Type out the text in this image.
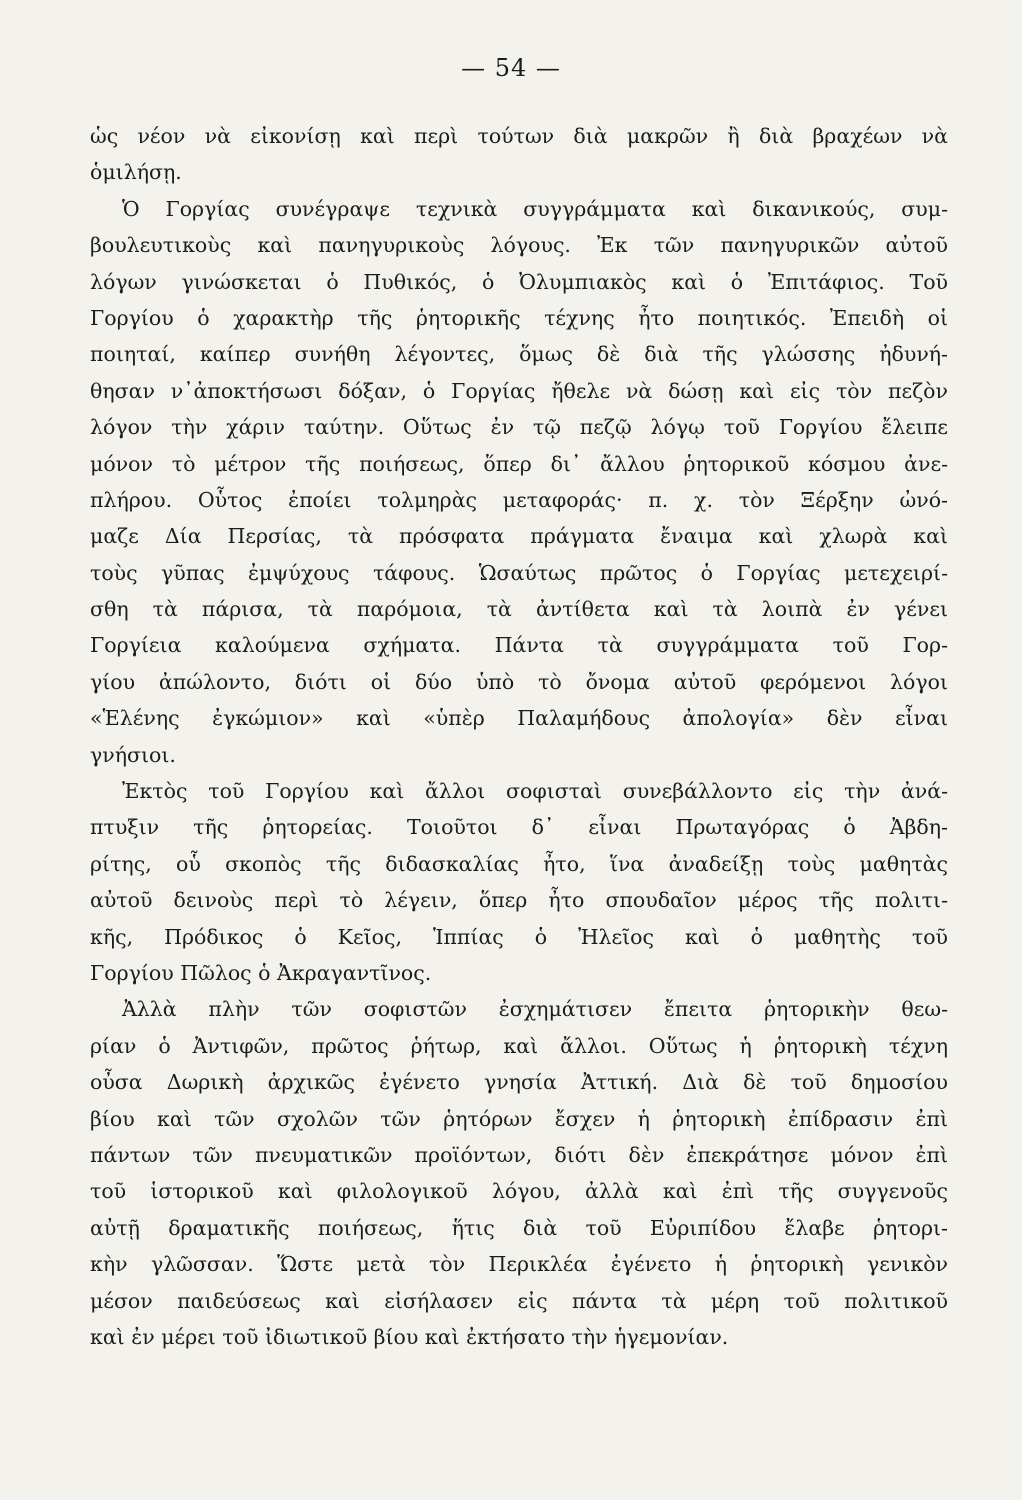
— 54 —
ὡς νέον νὰ εἰκονίσῃ καὶ περὶ τούτων διὰ μακρῶν ἢ διὰ βραχέων νὰ
ὁμιλήσῃ.
Ὁ Γοργίας συνέγραψε τεχνικὰ συγγράμματα καὶ δικανικούς, συμ-
βουλευτικοὺς καὶ πανηγυρικοὺς λόγους. Ἐκ τῶν πανηγυρικῶν αὐτοῦ
λόγων γινώσκεται ὁ Πυθικός, ὁ Ὀλυμπιακὸς καὶ ὁ Ἐπιτάφιος. Τοῦ
Γοργίου ὁ χαρακτὴρ τῆς ῥητορικῆς τέχνης ἦτο ποιητικός. Ἐπειδὴ οἱ
ποιηταί, καίπερ συνήθη λέγοντες, ὅμως δὲ διὰ τῆς γλώσσης ἠδυνή-
θησαν ν᾿ἀποκτήσωσι δόξαν, ὁ Γοργίας ἤθελε νὰ δώσῃ καὶ εἰς τὸν πεζὸν
λόγον τὴν χάριν ταύτην. Οὕτως ἐν τῷ πεζῷ λόγῳ τοῦ Γοργίου ἔλειπε
μόνον τὸ μέτρον τῆς ποιήσεως, ὅπερ δι᾿ ἄλλου ῥητορικοῦ κόσμου ἀνε-
πλήρου. Οὗτος ἐποίει τολμηρὰς μεταφοράς· π. χ. τὸν Ξέρξην ὠνό-
μαζε Δία Περσίας, τὰ πρόσφατα πράγματα ἔναιμα καὶ χλωρὰ καὶ
τοὺς γῦπας ἐμψύχους τάφους. Ὡσαύτως πρῶτος ὁ Γοργίας μετεχειρί-
σθη τὰ πάρισα, τὰ παρόμοια, τὰ ἀντίθετα καὶ τὰ λοιπὰ ἐν γένει
Γοργίεια καλούμενα σχήματα. Πάντα τὰ συγγράμματα τοῦ Γορ-
γίου ἀπώλοντο, διότι οἱ δύο ὑπὸ τὸ ὄνομα αὐτοῦ φερόμενοι λόγοι
«Ἑλένης ἐγκώμιον» καὶ «ὑπὲρ Παλαμήδους ἀπολογία» δὲν εἶναι
γνήσιοι.
Ἐκτὸς τοῦ Γοργίου καὶ ἄλλοι σοφισταὶ συνεβάλλοντο εἰς τὴν ἀνά-
πτυξιν τῆς ῥητορείας. Τοιοῦτοι δ᾿ εἶναι Πρωταγόρας ὁ Ἀβδη-
ρίτης, οὗ σκοπὸς τῆς διδασκαλίας ἦτο, ἵνα ἀναδείξῃ τοὺς μαθητὰς
αὐτοῦ δεινοὺς περὶ τὸ λέγειν, ὅπερ ἦτο σπουδαῖον μέρος τῆς πολιτι-
κῆς, Πρόδικος ὁ Κεῖος, Ἱππίας ὁ Ἠλεῖος καὶ ὁ μαθητὴς τοῦ
Γοργίου Πῶλος ὁ Ἀκραγαντῖνος.
Ἀλλὰ πλὴν τῶν σοφιστῶν ἐσχημάτισεν ἔπειτα ῥητορικὴν θεω-
ρίαν ὁ Ἀντιφῶν, πρῶτος ῥήτωρ, καὶ ἄλλοι. Οὕτως ἡ ῥητορικὴ τέχνη
οὖσα Δωρικὴ ἀρχικῶς ἐγένετο γνησία Ἀττική. Διὰ δὲ τοῦ δημοσίου
βίου καὶ τῶν σχολῶν τῶν ῥητόρων ἔσχεν ἡ ῥητορικὴ ἐπίδρασιν ἐπὶ
πάντων τῶν πνευματικῶν προϊόντων, διότι δὲν ἐπεκράτησε μόνον ἐπὶ
τοῦ ἱστορικοῦ καὶ φιλολογικοῦ λόγου, ἀλλὰ καὶ ἐπὶ τῆς συγγενοῦς
αὐτῇ δραματικῆς ποιήσεως, ἥτις διὰ τοῦ Εὐριπίδου ἔλαβε ῥητορι-
κὴν γλῶσσαν. Ὥστε μετὰ τὸν Περικλέα ἐγένετο ἡ ῥητορικὴ γενικὸν
μέσον παιδεύσεως καὶ εἰσήλασεν εἰς πάντα τὰ μέρη τοῦ πολιτικοῦ
καὶ ἐν μέρει τοῦ ἰδιωτικοῦ βίου καὶ ἐκτήσατο τὴν ἡγεμονίαν.
